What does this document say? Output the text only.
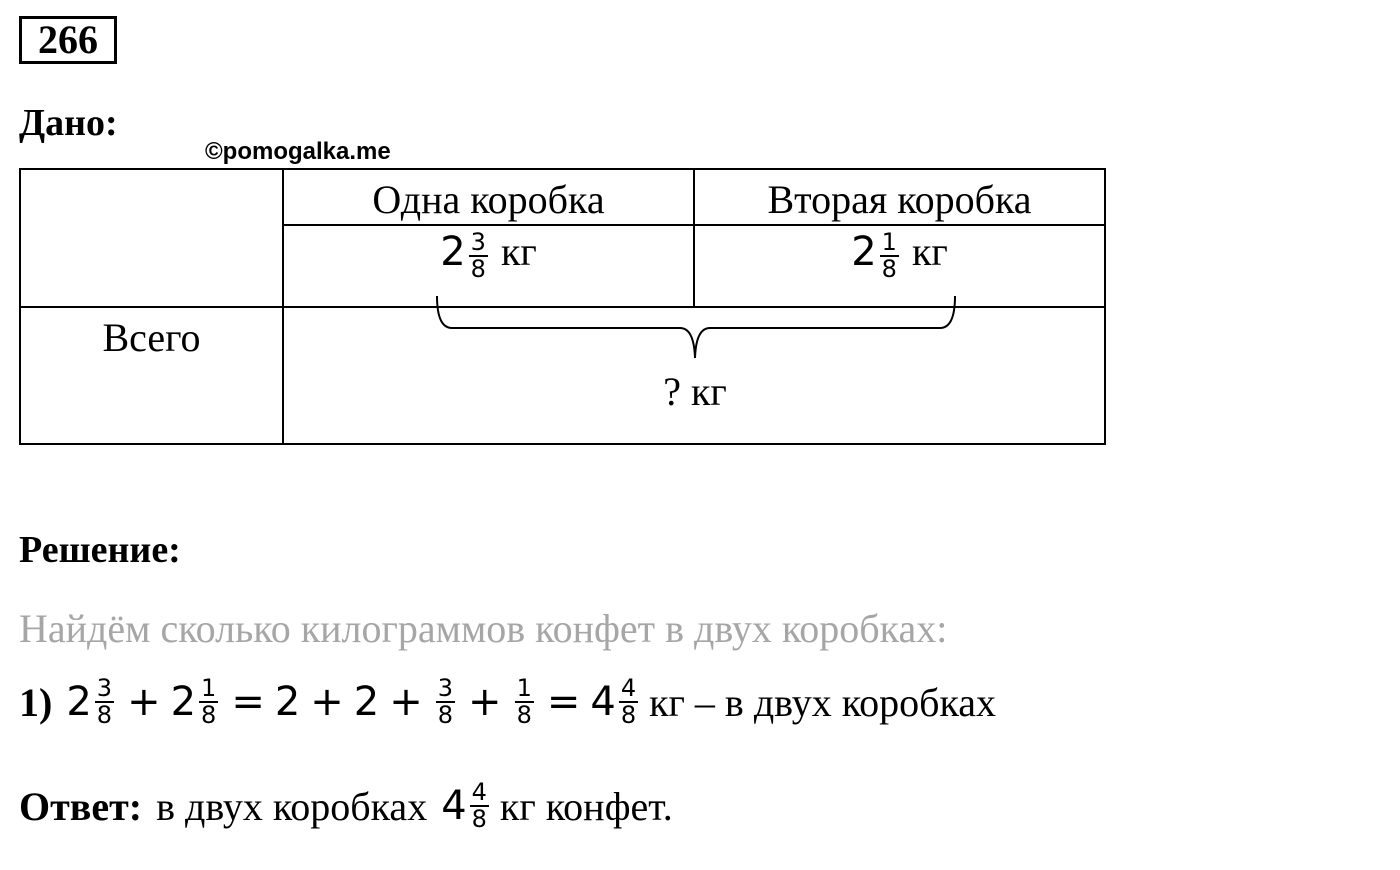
266
Дано:
©pomogalka.me
Одна коробка	Вторая коробка
$2 \frac{3}{8}$ кг	$2 \frac{1}{8}$ кг
Всего
? кг
Решение:
Найдём сколько килограммов конфет в двух коробках:
1) $2 \frac{3}{8} + 2 \frac{1}{8} = 2 + 2 + \frac{3}{8} + \frac{1}{8} = 4 \frac{4}{8}$ кг – в двух коробках
Ответ: в двух коробках $4 \frac{4}{8}$ кг конфет.
